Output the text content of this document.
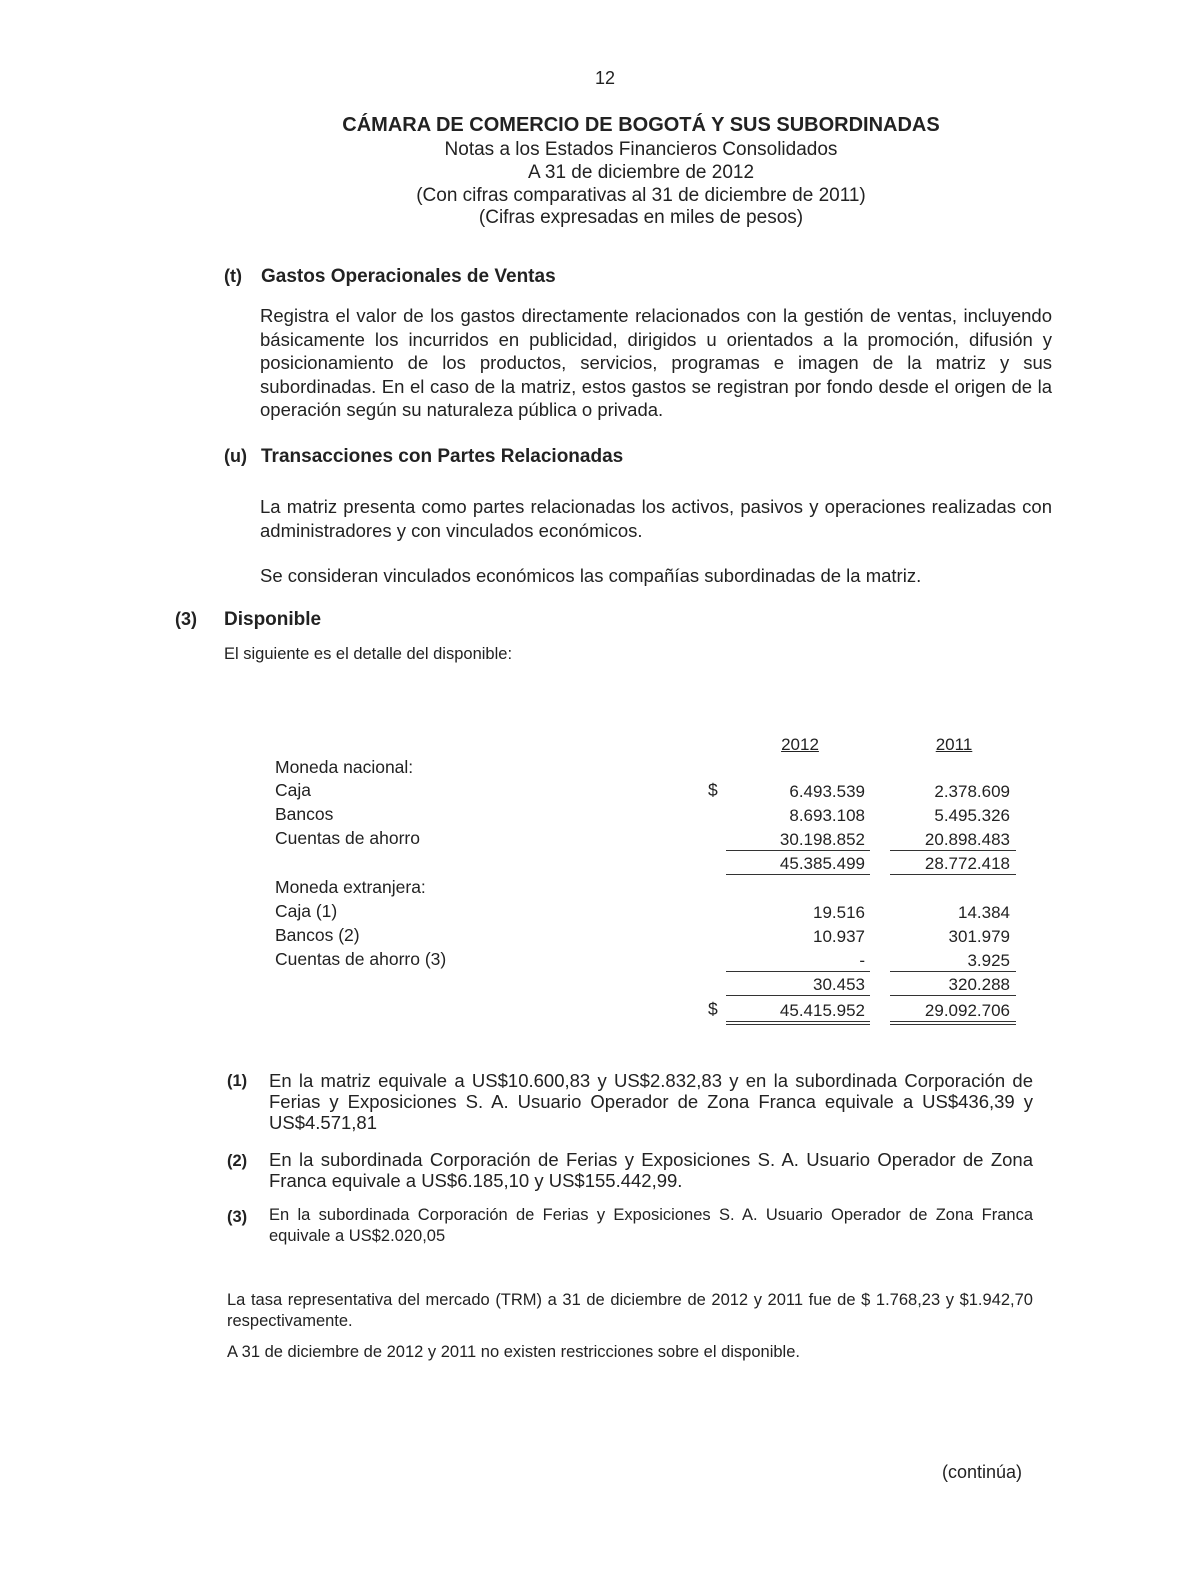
12
CÁMARA DE COMERCIO DE BOGOTÁ Y SUS SUBORDINADAS
Notas a los Estados Financieros Consolidados
A 31 de diciembre de 2012
(Con cifras comparativas al 31 de diciembre de 2011)
(Cifras expresadas en miles de pesos)
(t) Gastos Operacionales de Ventas
Registra el valor de los gastos directamente relacionados con la gestión de ventas, incluyendo básicamente los incurridos en publicidad, dirigidos u orientados a la promoción, difusión y posicionamiento de los productos, servicios, programas e imagen de la matriz y sus subordinadas. En el caso de la matriz, estos gastos se registran por fondo desde el origen de la operación según su naturaleza pública o privada.
(u) Transacciones con Partes Relacionadas
La matriz presenta como partes relacionadas los activos, pasivos y operaciones realizadas con administradores y con vinculados económicos.
Se consideran vinculados económicos las compañías subordinadas de la matriz.
(3) Disponible
El siguiente es el detalle del disponible:
2012	2011
Moneda nacional:
$
Caja	6.493.539	2.378.609
Bancos	8.693.108	5.495.326
Cuentas de ahorro	30.198.852	20.898.483
45.385.499	28.772.418
Moneda extranjera:
Caja (1)	19.516	14.384
Bancos (2)	10.937	301.979
Cuentas de ahorro (3)	-	3.925
30.453	320.288
$	45.415.952	29.092.706
(1) En la matriz equivale a US$10.600,83 y US$2.832,83 y en la subordinada Corporación de Ferias y Exposiciones S. A. Usuario Operador de Zona Franca equivale a US$436,39 y US$4.571,81
(2) En la subordinada Corporación de Ferias y Exposiciones S. A. Usuario Operador de Zona Franca equivale a US$6.185,10 y US$155.442,99.
(3) En la subordinada Corporación de Ferias y Exposiciones S. A. Usuario Operador de Zona Franca equivale a US$2.020,05
La tasa representativa del mercado (TRM) a 31 de diciembre de 2012 y 2011 fue de $ 1.768,23 y $1.942,70 respectivamente.
A 31 de diciembre de 2012 y 2011 no existen restricciones sobre el disponible.
(continúa)
